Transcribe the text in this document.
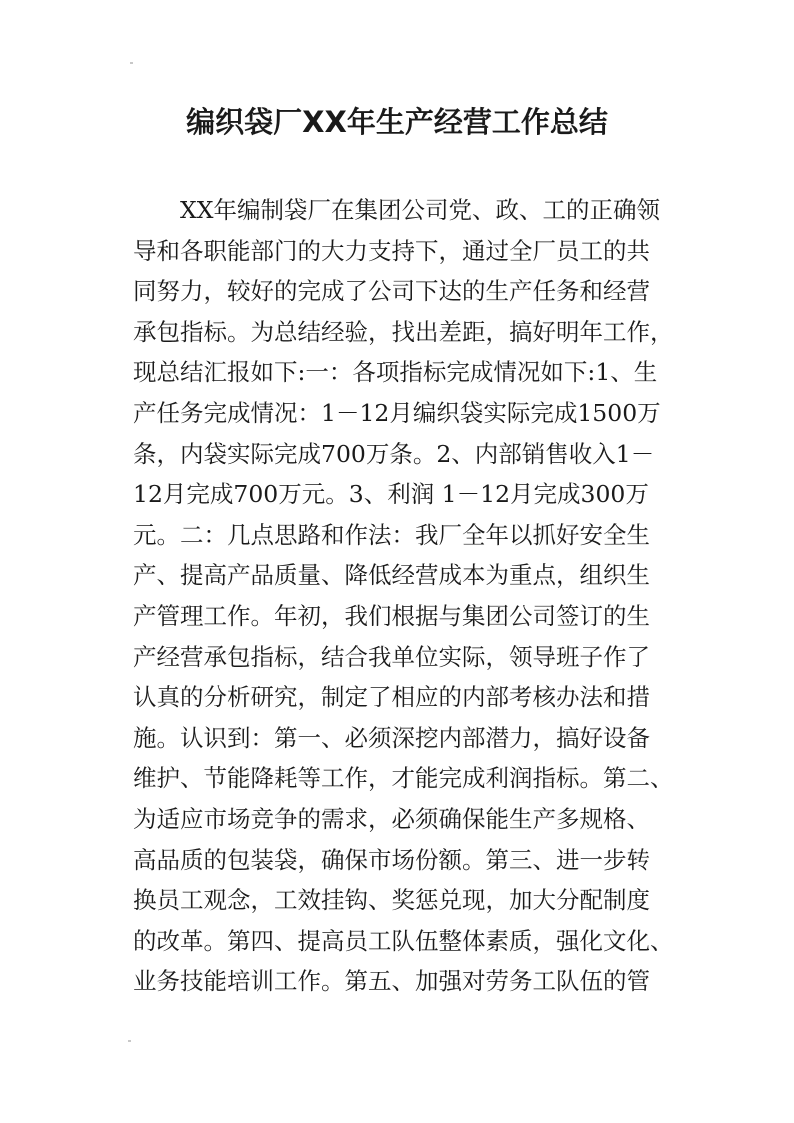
编织袋厂XX年生产经营工作总结
XX年编制袋厂在集团公司党、政、工的正确领
导和各职能部门的大力支持下，通过全厂员工的共
同努力，较好的完成了公司下达的生产任务和经营
承包指标。为总结经验，找出差距，搞好明年工作，
现总结汇报如下:一：各项指标完成情况如下:1、生
产任务完成情况：1－12月编织袋实际完成1500万
条，内袋实际完成700万条。2、内部销售收入1－
12月完成700万元。3、利润 1－12月完成300万
元。二：几点思路和作法：我厂全年以抓好安全生
产、提高产品质量、降低经营成本为重点，组织生
产管理工作。年初，我们根据与集团公司签订的生
产经营承包指标，结合我单位实际，领导班子作了
认真的分析研究，制定了相应的内部考核办法和措
施。认识到：第一、必须深挖内部潜力，搞好设备
维护、节能降耗等工作，才能完成利润指标。第二、
为适应市场竞争的需求，必须确保能生产多规格、
高品质的包装袋，确保市场份额。第三、进一步转
换员工观念，工效挂钩、奖惩兑现，加大分配制度
的改革。第四、提高员工队伍整体素质，强化文化、
业务技能培训工作。第五、加强对劳务工队伍的管
